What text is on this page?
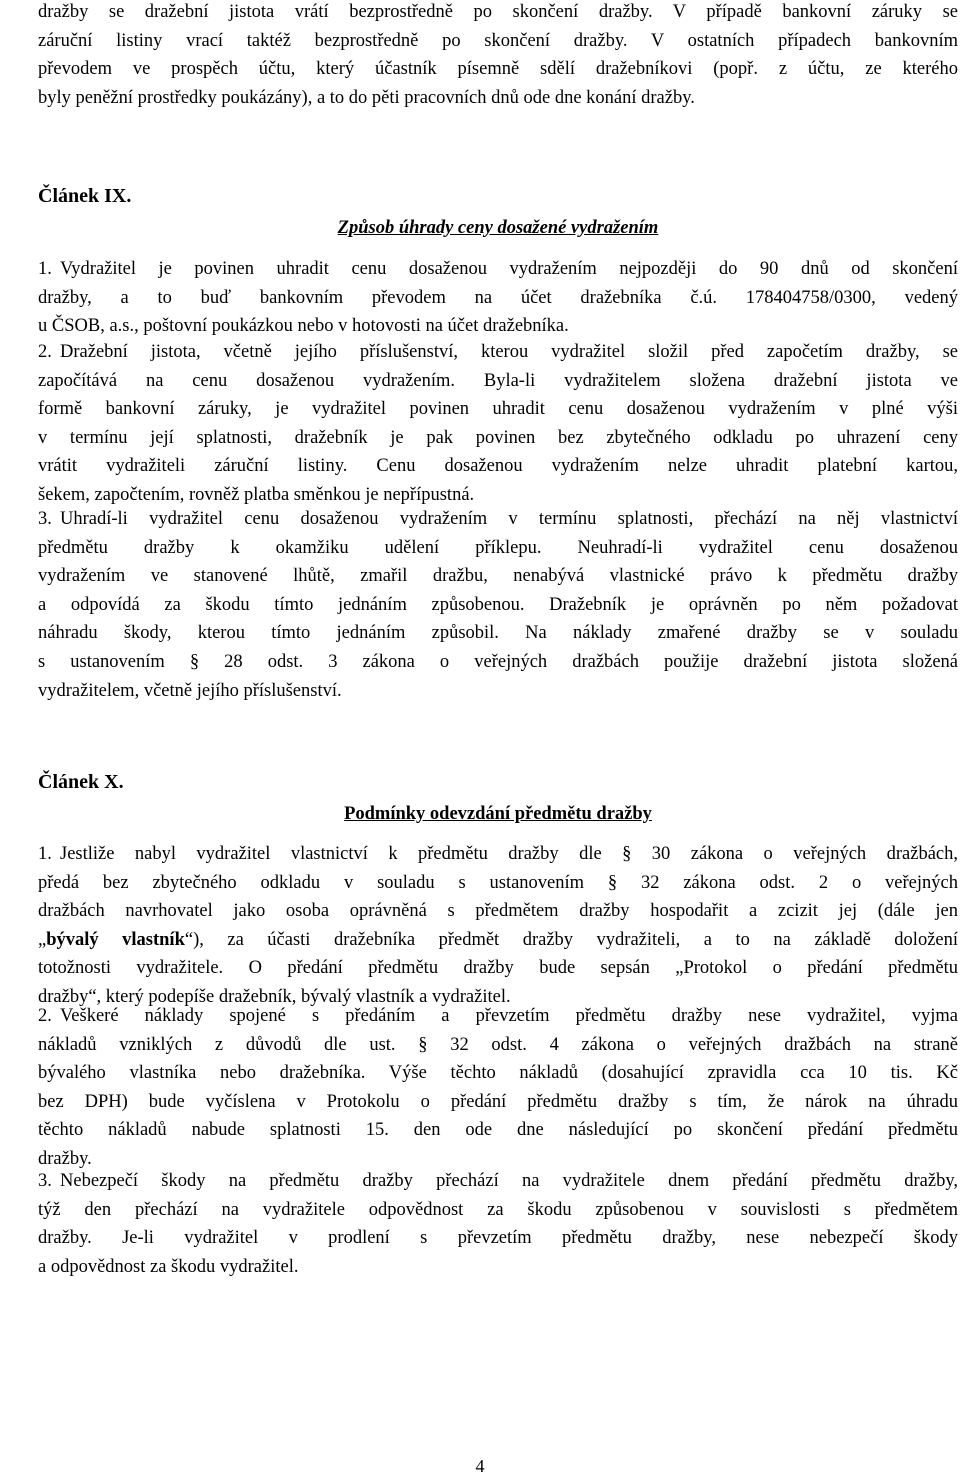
dražby se dražební jistota vrátí bezprostředně po skončení dražby. V případě bankovní záruky se
záruční listiny vrací taktéž bezprostředně po skončení dražby. V ostatních případech bankovním
převodem ve prospěch účtu, který účastník písemně sdělí dražebníkovi (popř. z účtu, ze kterého
byly peněžní prostředky poukázány), a to do pěti pracovních dnů ode dne konání dražby.
Článek IX.
Způsob úhrady ceny dosažené vydražením
1. Vydražitel je povinen uhradit cenu dosaženou vydražením nejpozději do 90 dnů od skončení
dražby, a to buď bankovním převodem na účet dražebníka č.ú. 178404758/0300, vedený
u ČSOB, a.s., poštovní poukázkou nebo v hotovosti na účet dražebníka.
2. Dražební jistota, včetně jejího příslušenství, kterou vydražitel složil před započetím dražby, se
započítává na cenu dosaženou vydražením. Byla-li vydražitelem složena dražební jistota ve
formě bankovní záruky, je vydražitel povinen uhradit cenu dosaženou vydražením v plné výši
v termínu její splatnosti, dražebník je pak povinen bez zbytečného odkladu po uhrazení ceny
vrátit vydražiteli záruční listiny. Cenu dosaženou vydražením nelze uhradit platební kartou,
šekem, započtením, rovněž platba směnkou je nepřípustná.
3. Uhradí-li vydražitel cenu dosaženou vydražením v termínu splatnosti, přechází na něj vlastnictví
předmětu dražby k okamžiku udělení příklepu. Neuhradí-li vydražitel cenu dosaženou
vydražením ve stanovené lhůtě, zmařil dražbu, nenabývá vlastnické právo k předmětu dražby
a odpovídá za škodu tímto jednáním způsobenou. Dražebník je oprávněn po něm požadovat
náhradu škody, kterou tímto jednáním způsobil. Na náklady zmařené dražby se v souladu
s ustanovením § 28 odst. 3 zákona o veřejných dražbách použije dražební jistota složená
vydražitelem, včetně jejího příslušenství.
Článek X.
Podmínky odevzdání předmětu dražby
1. Jestliže nabyl vydražitel vlastnictví k předmětu dražby dle § 30 zákona o veřejných dražbách,
předá bez zbytečného odkladu v souladu s ustanovením § 32 zákona odst. 2 o veřejných
dražbách navrhovatel jako osoba oprávněná s předmětem dražby hospodařit a zcizit jej (dále jen
„bývalý vlastník“), za účasti dražebníka předmět dražby vydražiteli, a to na základě doložení
totožnosti vydražitele. O předání předmětu dražby bude sepsán „Protokol o předání předmětu
dražby“, který podepíše dražebník, bývalý vlastník a vydražitel.
2. Veškeré náklady spojené s předáním a převzetím předmětu dražby nese vydražitel, vyjma
nákladů vzniklých z důvodů dle ust. § 32 odst. 4 zákona o veřejných dražbách na straně
bývalého vlastníka nebo dražebníka. Výše těchto nákladů (dosahující zpravidla cca 10 tis. Kč
bez DPH) bude vyčíslena v Protokolu o předání předmětu dražby s tím, že nárok na úhradu
těchto nákladů nabude splatnosti 15. den ode dne následující po skončení předání předmětu
dražby.
3. Nebezpečí škody na předmětu dražby přechází na vydražitele dnem předání předmětu dražby,
týž den přechází na vydražitele odpovědnost za škodu způsobenou v souvislosti s předmětem
dražby. Je-li vydražitel v prodlení s převzetím předmětu dražby, nese nebezpečí škody
a odpovědnost za škodu vydražitel.
4
